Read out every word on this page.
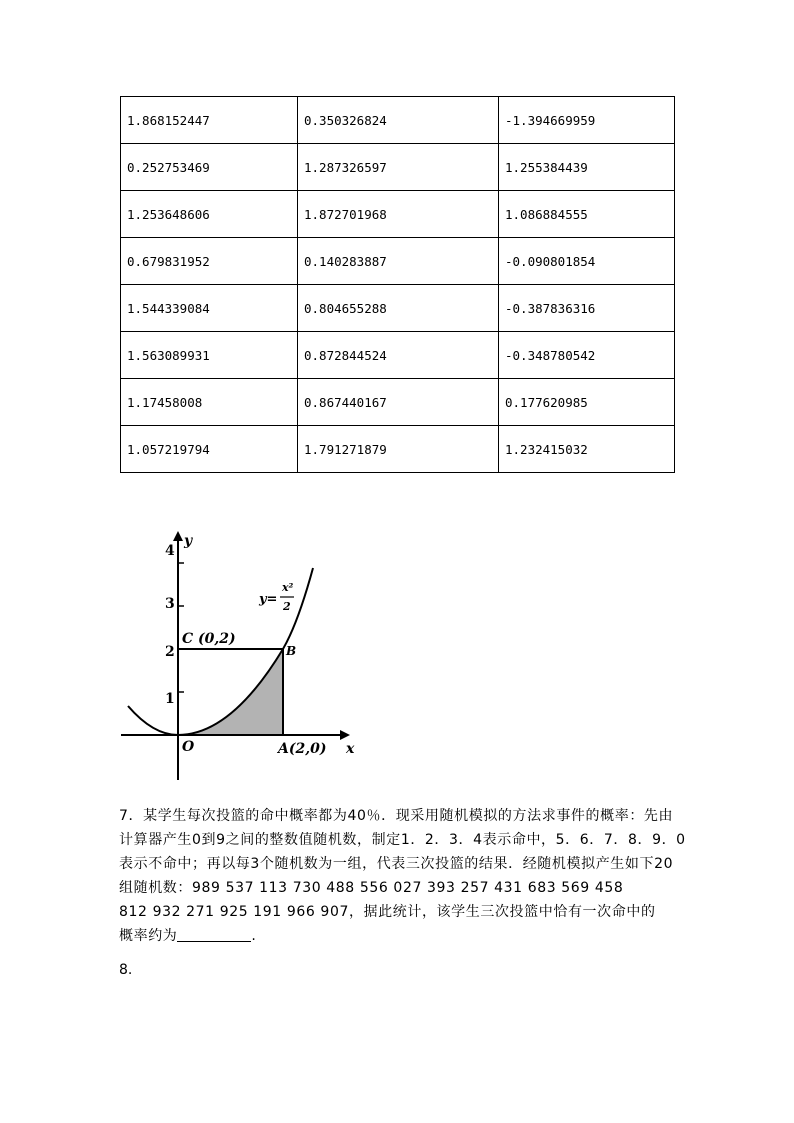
1.868152447	0.350326824	-1.394669959
0.252753469	1.287326597	1.255384439
1.253648606	1.872701968	1.086884555
0.679831952	0.140283887	-0.090801854
1.544339084	0.804655288	-0.387836316
1.563089931	0.872844524	-0.348780542
1.17458008	0.867440167	0.177620985
1.057219794	1.791271879	1.232415032
y
x
1
2
3
4
O
C (0,2)
B
A(2,0)
y=
x²
2

7．某学生每次投篮的命中概率都为40％．现采用随机模拟的方法求事件的概率：先由

计算器产生0到9之间的整数值随机数，制定1．2．3．4表示命中，5．6．7．8．9．0

表示不命中；再以每3个随机数为一组，代表三次投篮的结果．经随机模拟产生如下20

组随机数：989 537 113 730 488 556 027 393 257 431 683 569 458

812 932 271 925 191 966 907，据此统计，该学生三次投篮中恰有一次命中的

概率约为	.

8.
